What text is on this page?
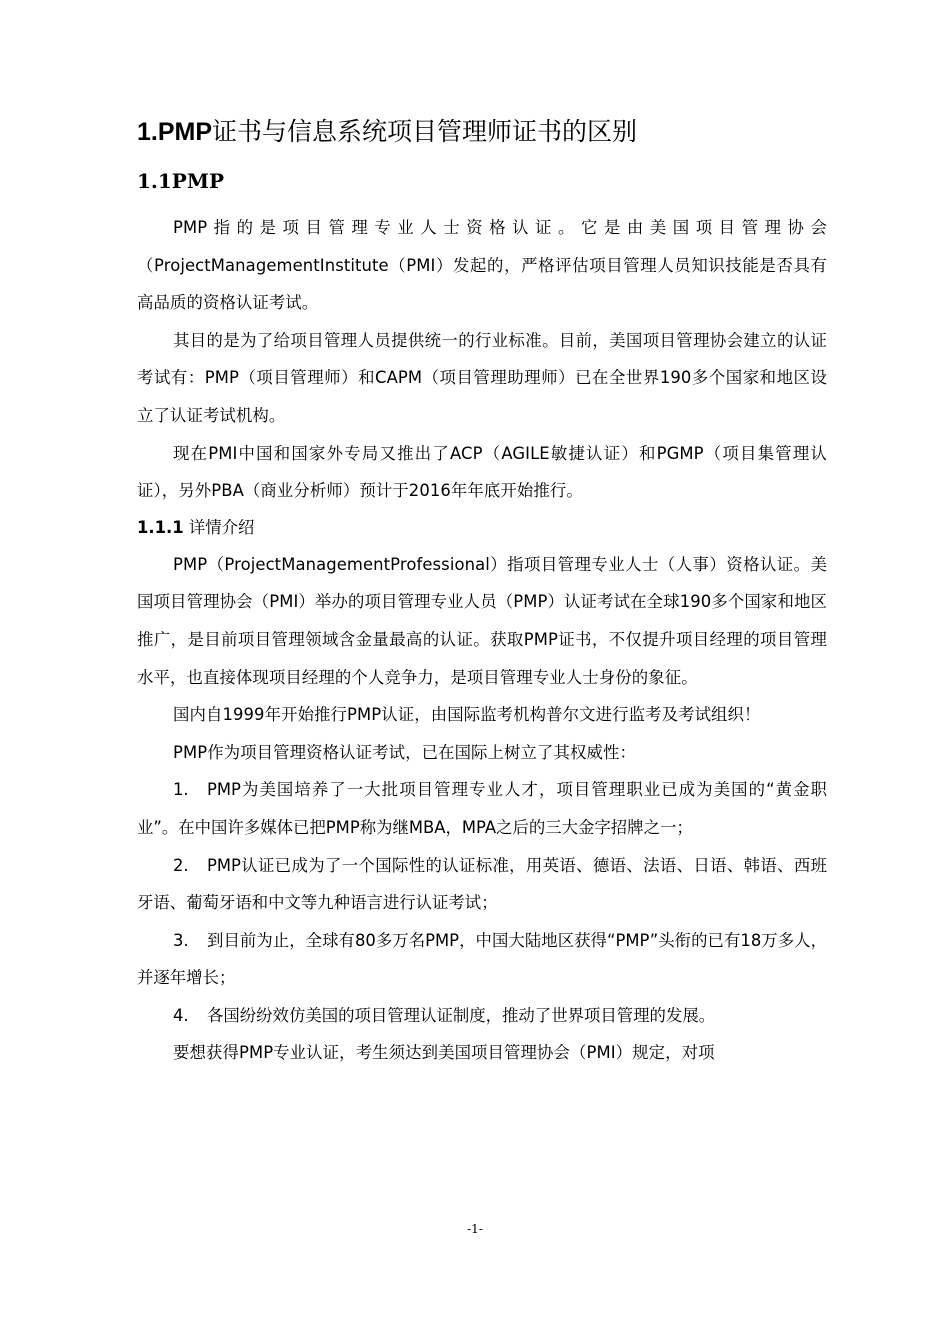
1.PMP证书与信息系统项目管理师证书的区别
1.1PMP

PMP指的是项目管理专业人士资格认证。它是由美国项目管理协会（ProjectManagementInstitute（PMI）发起的，严格评估项目管理人员知识技能是否具有高品质的资格认证考试。

其目的是为了给项目管理人员提供统一的行业标准。目前，美国项目管理协会建立的认证考试有：PMP（项目管理师）和CAPM（项目管理助理师）已在全世界190多个国家和地区设立了认证考试机构。

现在PMI中国和国家外专局又推出了ACP（AGILE敏捷认证）和PGMP（项目集管理认证），另外PBA（商业分析师）预计于2016年年底开始推行。

1.1.1 详情介绍

PMP（ProjectManagementProfessional）指项目管理专业人士（人事）资格认证。美国项目管理协会（PMI）举办的项目管理专业人员（PMP）认证考试在全球190多个国家和地区推广，是目前项目管理领域含金量最高的认证。获取PMP证书，不仅提升项目经理的项目管理水平，也直接体现项目经理的个人竞争力，是项目管理专业人士身份的象征。

国内自1999年开始推行PMP认证，由国际监考机构普尔文进行监考及考试组织！

PMP作为项目管理资格认证考试，已在国际上树立了其权威性：

1. PMP为美国培养了一大批项目管理专业人才，项目管理职业已成为美国的“黄金职业”。在中国许多媒体已把PMP称为继MBA，MPA之后的三大金字招牌之一；

2. PMP认证已成为了一个国际性的认证标准，用英语、德语、法语、日语、韩语、西班牙语、葡萄牙语和中文等九种语言进行认证考试；

3. 到目前为止，全球有80多万名PMP，中国大陆地区获得“PMP”头衔的已有18万多人，并逐年增长；

4. 各国纷纷效仿美国的项目管理认证制度，推动了世界项目管理的发展。

要想获得PMP专业认证，考生须达到美国项目管理协会（PMI）规定，对项

-1-
